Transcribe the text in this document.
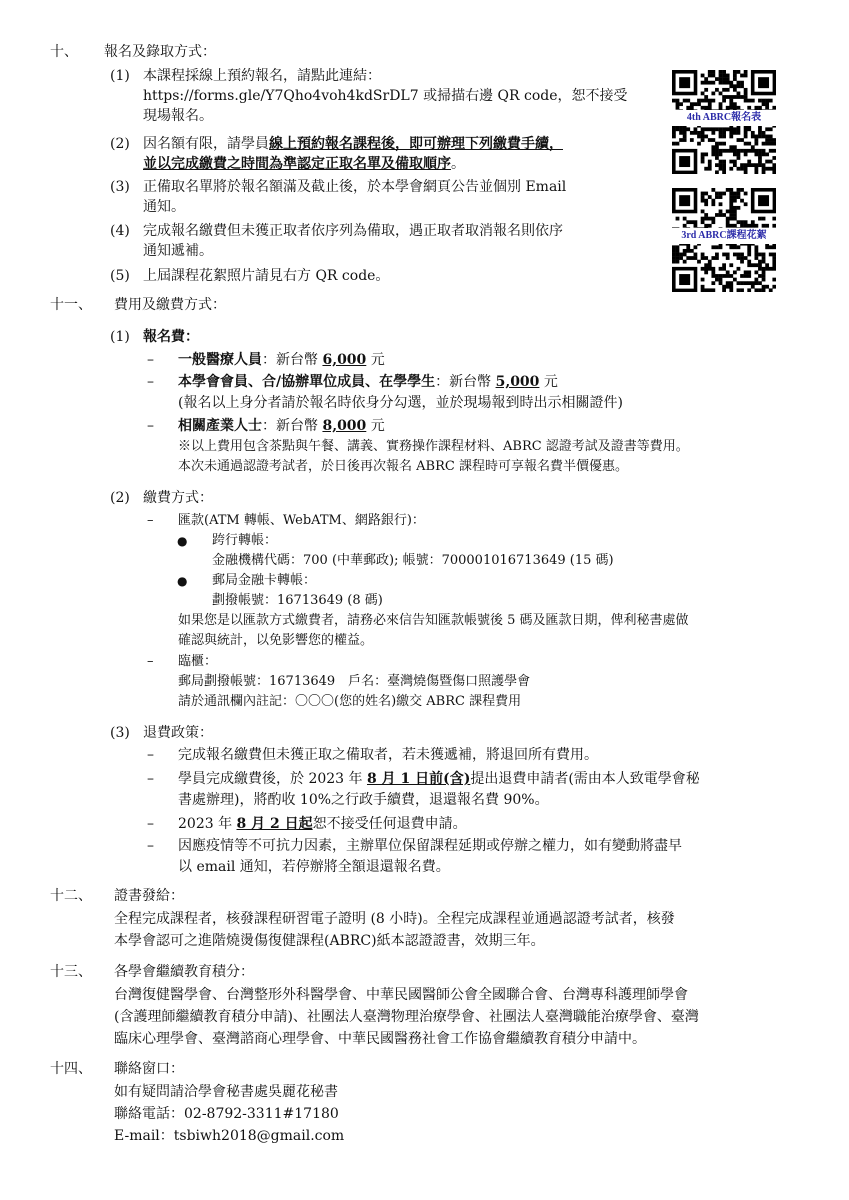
十、 報名及錄取方式：
(1) 本課程採線上預約報名，請點此連結：
https://forms.gle/Y7Qho4voh4kdSrDL7 或掃描右邊 QR code，恕不接受
現場報名。
(2) 因名額有限，請學員線上預約報名課程後，即可辦理下列繳費手續，
並以完成繳費之時間為準認定正取名單及備取順序。
(3) 正備取名單將於報名額滿及截止後，於本學會網頁公告並個別 Email
通知。
(4) 完成報名繳費但未獲正取者依序列為備取，遇正取者取消報名則依序
通知遞補。
(5) 上屆課程花絮照片請見右方 QR code。
4th ABRC報名表
3rd ABRC課程花絮
十一、 費用及繳費方式：
(1) 報名費：
– 一般醫療人員：新台幣 6,000 元
– 本學會會員、合/協辦單位成員、在學學生：新台幣 5,000 元
(報名以上身分者請於報名時依身分勾選，並於現場報到時出示相關證件)
– 相關產業人士：新台幣 8,000 元
※以上費用包含茶點與午餐、講義、實務操作課程材料、ABRC 認證考試及證書等費用。
本次未通過認證考試者，於日後再次報名 ABRC 課程時可享報名費半價優惠。
(2) 繳費方式：
– 匯款(ATM 轉帳、WebATM、網路銀行)：
● 跨行轉帳：
金融機構代碼：700 (中華郵政); 帳號：700001016713649 (15 碼)
● 郵局金融卡轉帳：
劃撥帳號：16713649 (8 碼)
如果您是以匯款方式繳費者，請務必來信告知匯款帳號後 5 碼及匯款日期，俾利秘書處做
確認與統計，以免影響您的權益。
– 臨櫃：
郵局劃撥帳號：16713649　戶名：臺灣燒傷暨傷口照護學會
請於通訊欄內註記：〇〇〇(您的姓名)繳交 ABRC 課程費用
(3) 退費政策：
– 完成報名繳費但未獲正取之備取者，若未獲遞補，將退回所有費用。
– 學員完成繳費後，於 2023 年 8 月 1 日前(含)提出退費申請者(需由本人致電學會秘
書處辦理)，將酌收 10%之行政手續費，退還報名費 90%。
– 2023 年 8 月 2 日起恕不接受任何退費申請。
– 因應疫情等不可抗力因素，主辦單位保留課程延期或停辦之權力，如有變動將盡早
以 email 通知，若停辦將全額退還報名費。
十二、 證書發給：
全程完成課程者，核發課程研習電子證明 (8 小時)。全程完成課程並通過認證考試者，核發
本學會認可之進階燒燙傷復健課程(ABRC)紙本認證證書，效期三年。
十三、 各學會繼續教育積分：
台灣復健醫學會、台灣整形外科醫學會、中華民國醫師公會全國聯合會、台灣專科護理師學會
(含護理師繼續教育積分申請)、社團法人臺灣物理治療學會、社團法人臺灣職能治療學會、臺灣
臨床心理學會、臺灣諮商心理學會、中華民國醫務社會工作協會繼續教育積分申請中。
十四、 聯絡窗口：
如有疑問請洽學會秘書處吳麗花秘書
聯絡電話：02-8792-3311#17180
E-mail：tsbiwh2018@gmail.com
